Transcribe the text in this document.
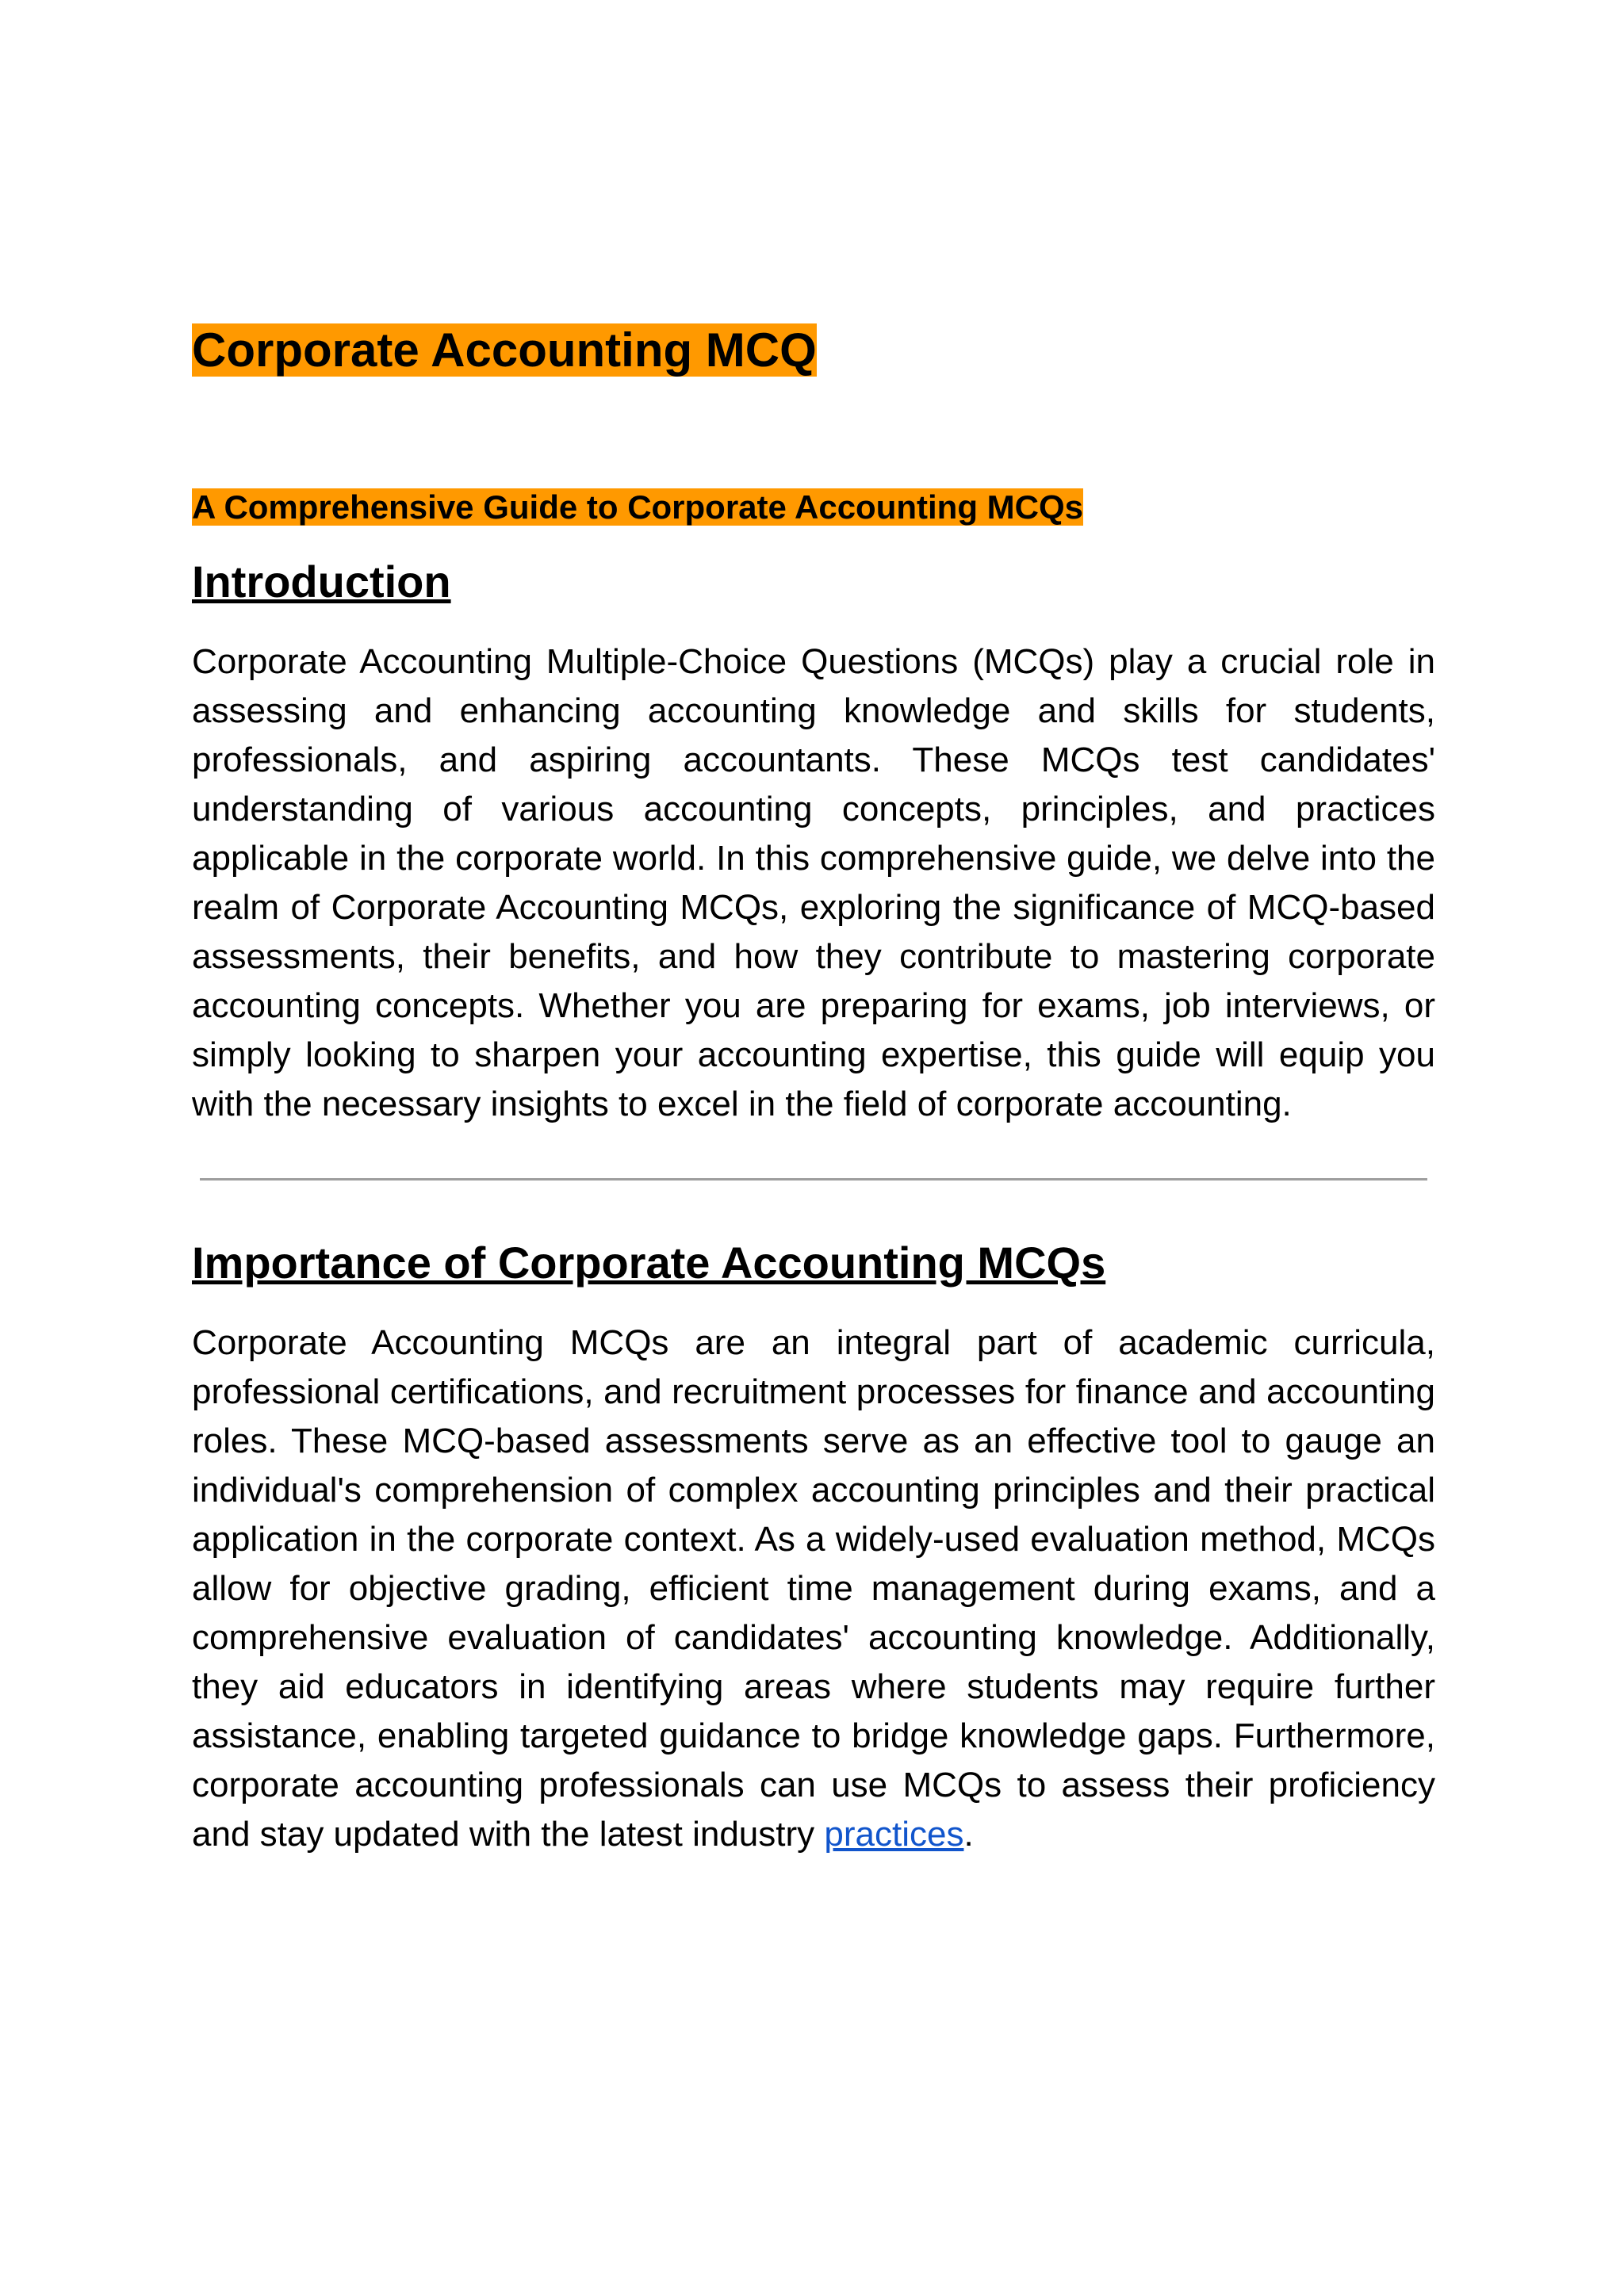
Corporate Accounting MCQ
A Comprehensive Guide to Corporate Accounting MCQs
Introduction

Corporate Accounting Multiple-Choice Questions (MCQs) play a crucial role in assessing and enhancing accounting knowledge and skills for students, professionals, and aspiring accountants. These MCQs test candidates' understanding of various accounting concepts, principles, and practices applicable in the corporate world. In this comprehensive guide, we delve into the realm of Corporate Accounting MCQs, exploring the significance of MCQ-based assessments, their benefits, and how they contribute to mastering corporate accounting concepts. Whether you are preparing for exams, job interviews, or simply looking to sharpen your accounting expertise, this guide will equip you with the necessary insights to excel in the field of corporate accounting.

Importance of Corporate Accounting MCQs

Corporate Accounting MCQs are an integral part of academic curricula, professional certifications, and recruitment processes for finance and accounting roles. These MCQ-based assessments serve as an effective tool to gauge an individual's comprehension of complex accounting principles and their practical application in the corporate context. As a widely-used evaluation method, MCQs allow for objective grading, efficient time management during exams, and a comprehensive evaluation of candidates' accounting knowledge. Additionally, they aid educators in identifying areas where students may require further assistance, enabling targeted guidance to bridge knowledge gaps. Furthermore, corporate accounting professionals can use MCQs to assess their proficiency and stay updated with the latest industry practices.
